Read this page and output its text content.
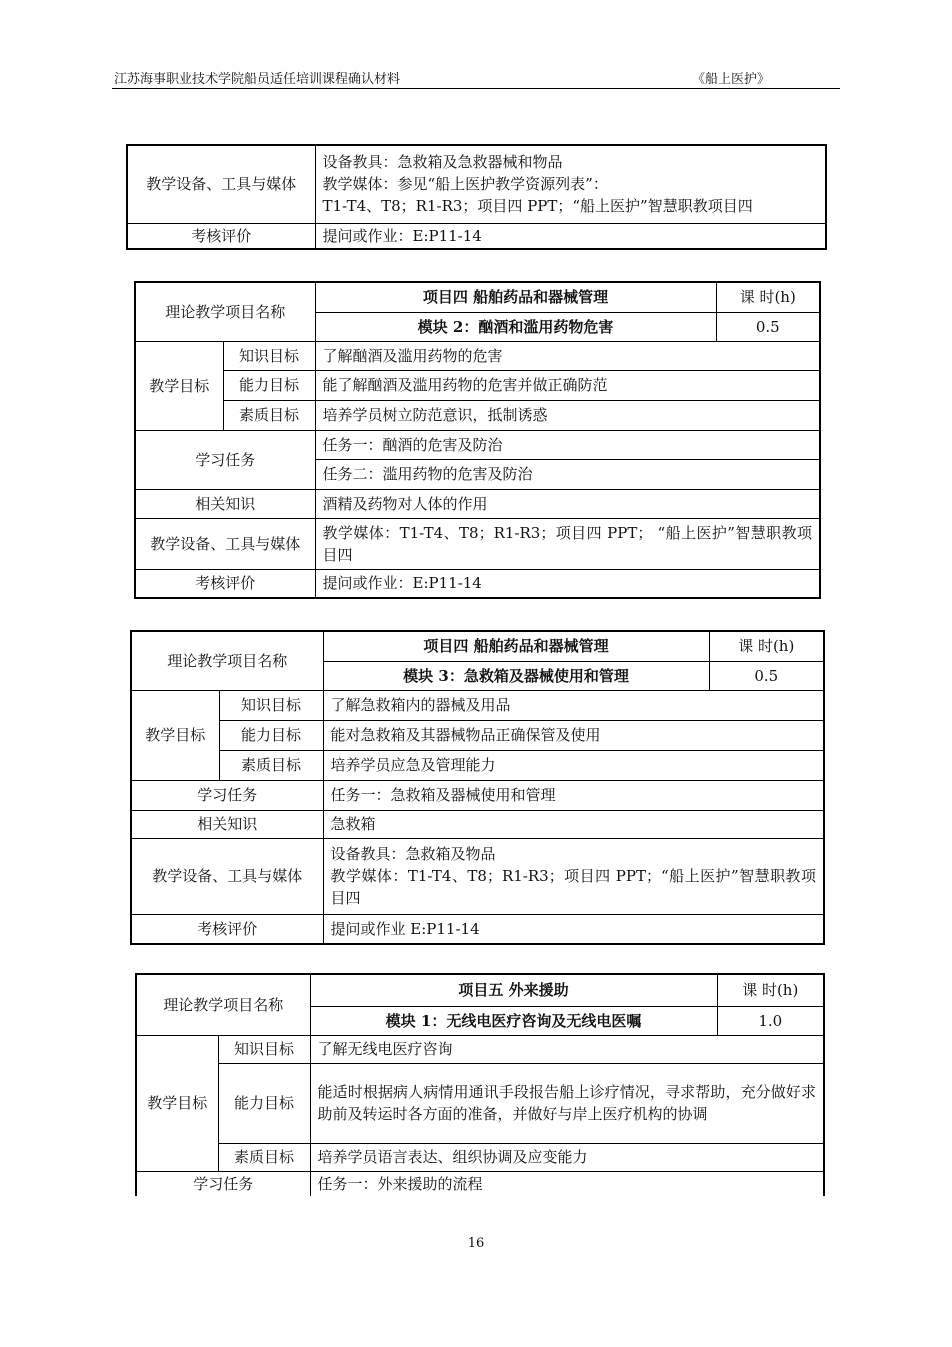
江苏海事职业技术学院船员适任培训课程确认材料	《船上医护》
教学设备、工具与媒体	设备教具：急救箱及急救器械和物品
教学媒体：参见“船上医护教学资源列表”：
T1-T4、T8；R1-R3；项目四 PPT；“船上医护”智慧职教项目四

考核评价	提问或作业：E:P11-14
理论教学项目名称		项目四 船舶药品和器械管理	课 时(h)
		模块 2：酗酒和滥用药物危害	0.5
教学目标	知识目标	了解酗酒及滥用药物的危害	
	能力目标	能了解酗酒及滥用药物的危害并做正确防范	
	素质目标	培养学员树立防范意识，抵制诱惑	
学习任务		任务一：酗酒的危害及防治	
		任务二：滥用药物的危害及防治	
相关知识		酒精及药物对人体的作用	
教学设备、工具与媒体		教学媒体：T1-T4、T8；R1-R3；项目四 PPT； “船上医护”智慧职教项目四	
考核评价		提问或作业：E:P11-14	
理论教学项目名称		项目四 船舶药品和器械管理	课 时(h)
		模块 3：急救箱及器械使用和管理	0.5
教学目标	知识目标	了解急救箱内的器械及用品	
	能力目标	能对急救箱及其器械物品正确保管及使用	
	素质目标	培养学员应急及管理能力	
学习任务		任务一：急救箱及器械使用和管理	
相关知识		急救箱	
教学设备、工具与媒体		设备教具：急救箱及物品
教学媒体：T1-T4、T8；R1-R3；项目四 PPT；“船上医护”智慧职教项目四	

考核评价		提问或作业 E:P11-14	
理论教学项目名称		项目五 外来援助	课 时(h)
		模块 1：无线电医疗咨询及无线电医嘱	1.0
教学目标	知识目标	了解无线电医疗咨询	
	能力目标	能适时根据病人病情用通讯手段报告船上诊疗情况，寻求帮助，充分做好求助前及转运时各方面的准备，并做好与岸上医疗机构的协调	
	素质目标	培养学员语言表达、组织协调及应变能力	
学习任务		任务一：外来援助的流程	
16
